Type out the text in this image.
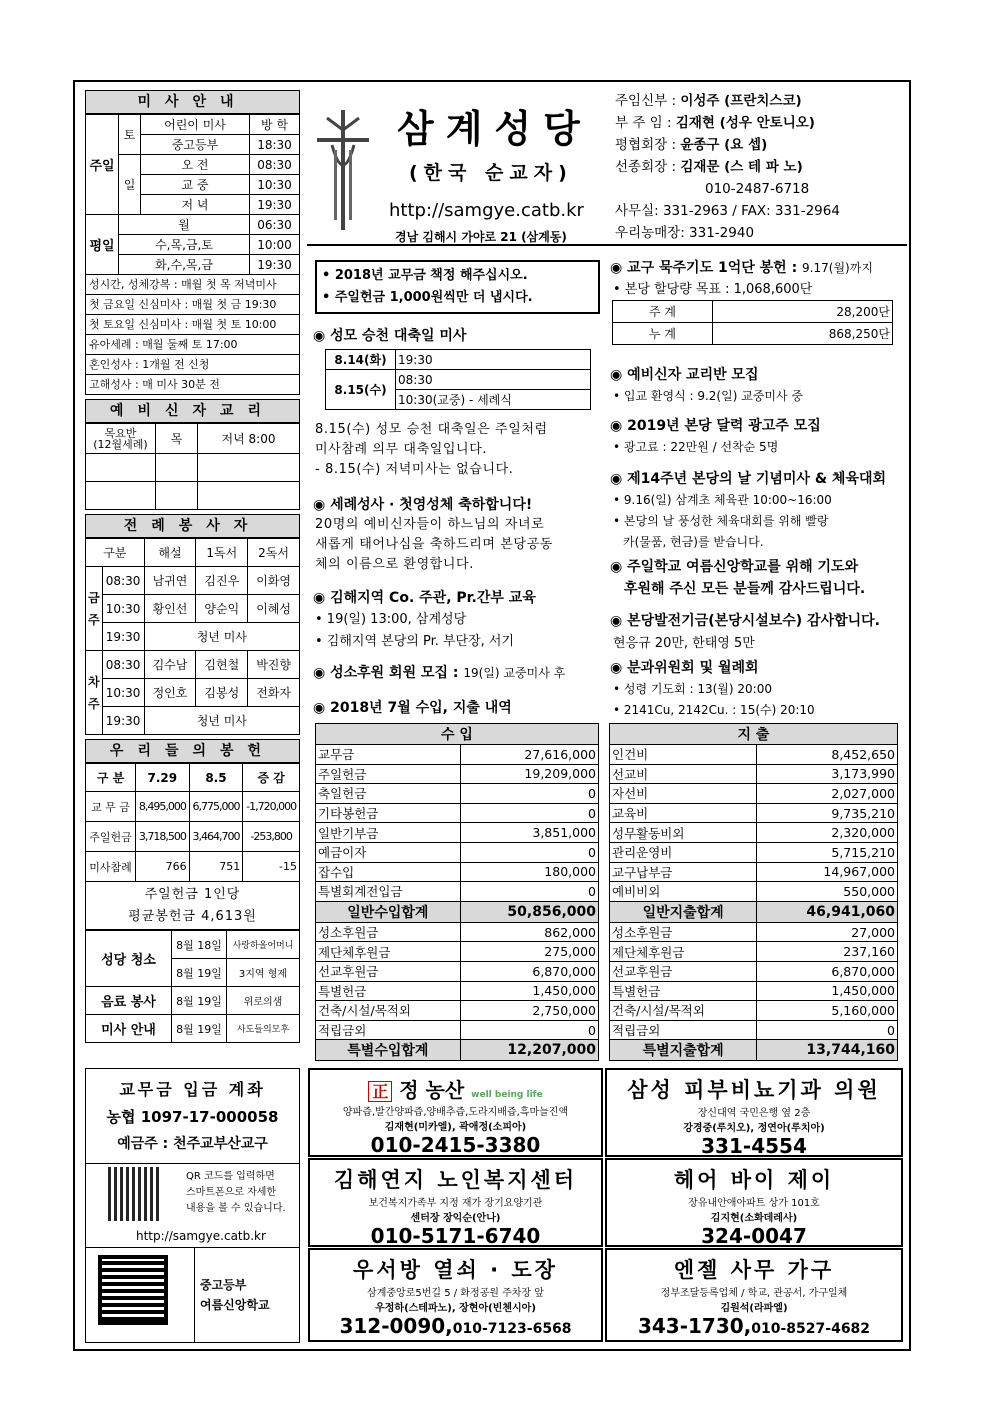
미사안내
주일	토	어린이 미사	방 학
		중고등부	18:30
	일	오 전	08:30
		교 중	10:30
		저 녁	19:30
평일	월		06:30
	수,목,금,토		10:00
	화,수,목,금		19:30
성시간, 성체강복 : 매월 첫 목 저녁미사
첫 금요일 신심미사 : 매월 첫 금 19:30
첫 토요일 신심미사 : 매월 첫 토 10:00
유아세례 : 매월 둘째 토 17:00
혼인성사 : 1개월 전 신청
고해성사 : 매 미사 30분 전
예비신자교리
목요반
(12월세례)	목	저녁 8:00

전례봉사자
구분		해설	1독서	2독서
금주	08:30	남귀연	김진우	이화영
	10:30	황인선	양순익	이혜성
	19:30	청년 미사		
차주	08:30	김수남	김현철	박진향
	10:30	정인호	김봉성	전화자
	19:30	청년 미사		
우리들의봉헌
구 분	7.29	8.5	증 감
교 무 금	8,495,000	6,775,000	-1,720,000
주일헌금	3,718,500	3,464,700	-253,800
미사참례	766	751	-15

주일헌금 1인당
평균봉헌금 4,613원			
성당 청소	8월 18일	사랑하올어머니
	8월 19일	3지역 형제
음료 봉사	8월 19일	위로의샘
미사 안내	8월 19일	사도들의모후
삼계성당
(한국 순교자)
http://samgye.catb.kr
경남 김해시 가야로 21 (삼계동)
주임신부 : 이성주 (프란치스코)
부 주 임 : 김재현 (성우 안토니오)
평협회장 : 윤종구 (요 셉)
선종회장 : 김재문 (스 테 파 노)
010-2487-6718
사무실: 331-2963 / FAX: 331-2964
우리농매장: 331-2940
• 2018년 교무금 책정 해주십시오.
• 주일헌금 1,000원씩만 더 냅시다.
◉ 성모 승천 대축일 미사
8.14(화)	19:30
8.15(수)	08:30
	10:30(교중) - 세례식
8.15(수) 성모 승천 대축일은 주일처럼
미사참례 의무 대축일입니다.
- 8.15(수) 저녁미사는 없습니다.
◉ 세례성사 · 첫영성체 축하합니다!
20명의 예비신자들이 하느님의 자녀로
새롭게 태어나심을 축하드리며 본당공동
체의 이름으로 환영합니다.
◉ 김해지역 Co. 주관, Pr.간부 교육
• 19(일) 13:00, 삼계성당
• 김해지역 본당의 Pr. 부단장, 서기
◉ 성소후원 회원 모집 : 19(일) 교중미사 후
◉ 2018년 7월 수입, 지출 내역
◉ 교구 묵주기도 1억단 봉헌 : 9.17(월)까지
• 본당 할당량 목표 : 1,068,600단
주 계	28,200단
누 계	868,250단
◉ 예비신자 교리반 모집
• 입교 환영식 : 9.2(일) 교중미사 중
◉ 2019년 본당 달력 광고주 모집
• 광고료 : 22만원 / 선착순 5명
◉ 제14주년 본당의 날 기념미사 & 체육대회
• 9.16(일) 삼계초 체육관 10:00~16:00
• 본당의 날 풍성한 체육대회를 위해 빨랑
카(물품, 현금)를 받습니다.
◉ 주일학교 여름신앙학교를 위해 기도와
후원해 주신 모든 분들께 감사드립니다.
◉ 본당발전기금(본당시설보수) 감사합니다.
현응규 20만, 한태영 5만
◉ 분과위원회 및 월례회
• 성령 기도회 : 13(월) 20:00
• 2141Cu, 2142Cu. : 15(수) 20:10
수 입	
교무금	27,616,000
주일헌금	19,209,000
축일헌금	0
기타봉헌금	0
일반기부금	3,851,000
예금이자	0
잡수입	180,000
특별회계전입금	0
일반수입합계	50,856,000
성소후원금	862,000
제단체후원금	275,000
선교후원금	6,870,000
특별헌금	1,450,000
건축/시설/목적외	2,750,000
적립금외	0
특별수입합계	12,207,000
지 출	
인건비	8,452,650
선교비	3,173,990
자선비	2,027,000
교육비	9,735,210
성무활동비외	2,320,000
관리운영비	5,715,210
교구납부금	14,967,000
예비비외	550,000
일반지출합계	46,941,060
성소후원금	27,000
제단체후원금	237,160
선교후원금	6,870,000
특별헌금	1,450,000
건축/시설/목적외	5,160,000
적립금외	0
특별지출합계	13,744,160
교무금 입금 계좌
농협 1097-17-000058
예금주 : 천주교부산교구
QR 코드를 입력하면
스마트폰으로 자세한
내용을 볼 수 있습니다.
http://samgye.catb.kr
중고등부
여름신앙학교
正 정 농산 well being life
양파즙,발간양파즙,양배추즙,도라지배즙,흑마늘진액
김재현(미카엘), 곽애정(소피아)
010-2415-3380
삼성 피부비뇨기과 의원
장신대역 국민은행 옆 2층
강경중(루치오), 정연아(루치아)
331-4554
김해연지 노인복지센터
보건복지가족부 지정 재가 장기요양기관
센터장 장익순(안나)
010-5171-6740
헤어 바이 제이
장유내안애아파트 상가 101호
김지현(소화데레사)
324-0047
우서방 열쇠 · 도장
삼계중앙로5번길 5 / 화정공원 주차장 앞
우정하(스테파노), 장현아(빈첸시아)
312-0090,010-7123-6568
엔젤 사무 가구
정부조달등록업체 / 학교, 관공서, 가구일체
김원석(라파엘)
343-1730,010-8527-4682
